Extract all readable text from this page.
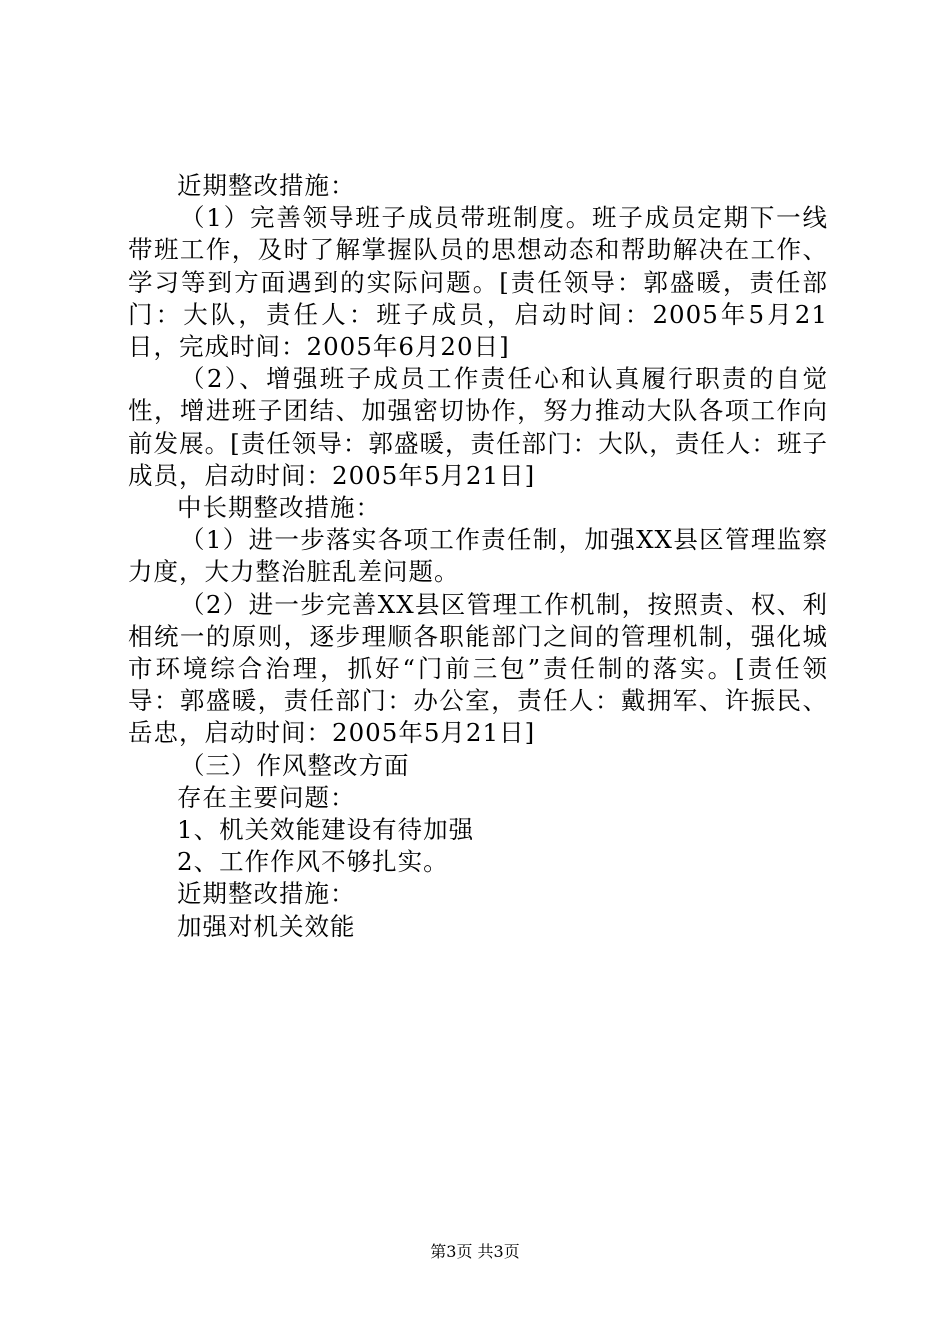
近期整改措施：

（1）完善领导班子成员带班制度。班子成员定期下一线带班工作，及时了解掌握队员的思想动态和帮助解决在工作、学习等到方面遇到的实际问题。[责任领导：郭盛暖，责任部门：大队，责任人：班子成员，启动时间：2005年5月21日，完成时间：2005年6月20日]

（2）、增强班子成员工作责任心和认真履行职责的自觉性，增进班子团结、加强密切协作，努力推动大队各项工作向前发展。[责任领导：郭盛暖，责任部门：大队，责任人：班子成员，启动时间：2005年5月21日]

中长期整改措施：

（1）进一步落实各项工作责任制，加强XX县区管理监察力度，大力整治脏乱差问题。

（2）进一步完善XX县区管理工作机制，按照责、权、利相统一的原则，逐步理顺各职能部门之间的管理机制，强化城市环境综合治理，抓好“门前三包”责任制的落实。[责任领导：郭盛暖，责任部门：办公室，责任人：戴拥军、许振民、岳忠，启动时间：2005年5月21日]

（三）作风整改方面

存在主要问题：

1、机关效能建设有待加强

2、工作作风不够扎实。

近期整改措施：

加强对机关效能

第3页 共3页
